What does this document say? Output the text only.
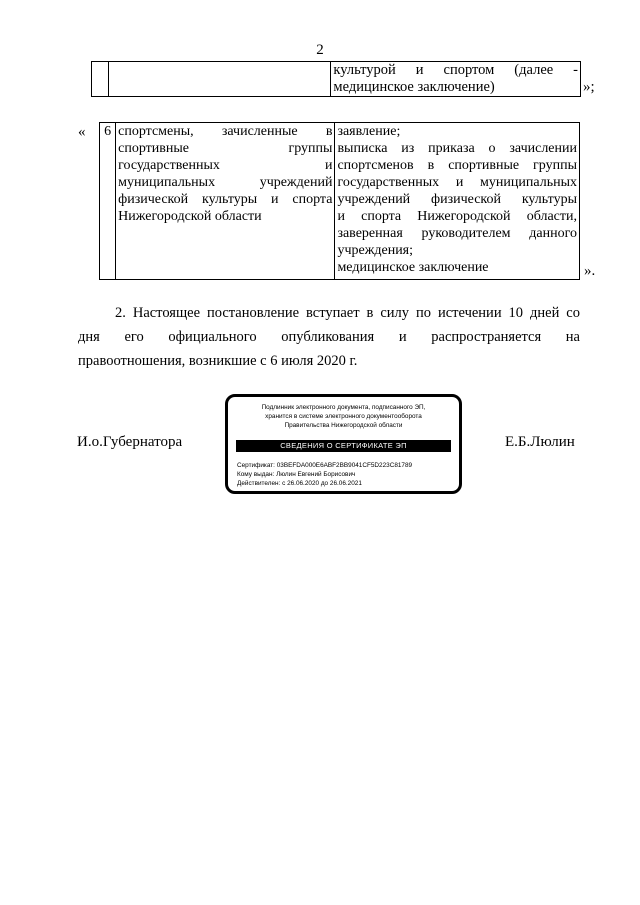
2

культурой и спортом (далее -
медицинское заключение)	»;
« 6	спортсмены, зачисленные в
спортивные группы
государственных и
муниципальных учреждений
физической культуры и спорта
Нижегородской области

заявление;
выписка из приказа о зачислении
спортсменов в спортивные группы
государственных и муниципальных
учреждений физической культуры
и спорта Нижегородской области,
заверенная руководителем данного
учреждения;
медицинское заключение	».
2. Настоящее постановление вступает в силу по истечении 10 дней со
дня его официального опубликования и распространяется на
правоотношения, возникшие с 6 июля 2020 г.
И.о.Губернатора	Е.Б.Люлин
Подлинник электронного документа, подписанного ЭП,
хранится в системе электронного документооборота
Правительства Нижегородской области
СВЕДЕНИЯ О СЕРТИФИКАТЕ ЭП
Сертификат: 03BEFDA000E6ABF2BB9041CF5D223C81789
Кому выдан: Люлин Евгений Борисович
Действителен: с 26.06.2020 до 26.06.2021
